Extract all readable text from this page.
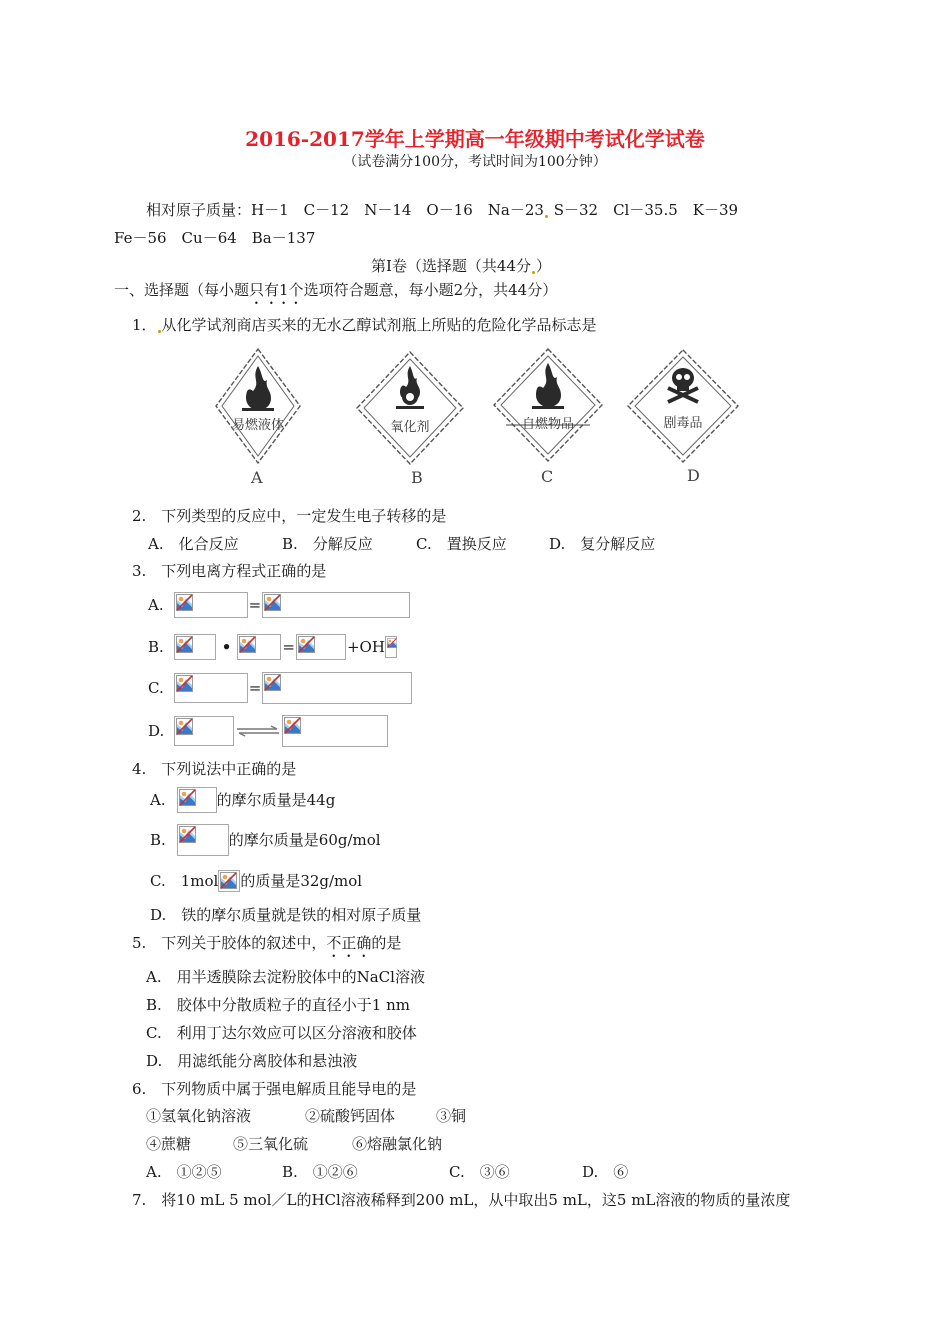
2016-2017学年上学期高一年级期中考试化学试卷
（试卷满分100分，考试时间为100分钟）
相对原子质量：H－1　C－12　N－14　O－16　Na－23 S－32　Cl－35.5　K－39
Fe－56　Cu－64　Ba－137
第Ⅰ卷（选择题（共44分 ）
一、选择题（每小题只有1个选项符合题意，每小题2分，共44分）
1． 从化学试剂商店买来的无水乙醇试剂瓶上所贴的危险化学品标志是
易燃液体
A
氧化剂
B
自燃物品
C
剧毒品
D
2.　下列类型的反应中，一定发生电子转移的是
A.　化合反应	B.　分解反应	C.　置换反应	D.　复分解反应
3.　下列电离方程式正确的是
A.	=
B.	•	=	+OH
C.	=
D.
4.　下列说法中正确的是
A.	的摩尔质量是44g
B.	的摩尔质量是60g/mol
C.　1mol 的质量是32g/mol
D.　铁的摩尔质量就是铁的相对原子质量
5.　下列关于胶体的叙述中，不正确的是
A.　用半透膜除去淀粉胶体中的NaCl溶液
B.　胶体中分散质粒子的直径小于1 nm
C.　利用丁达尔效应可以区分溶液和胶体
D.　用滤纸能分离胶体和悬浊液
6.　下列物质中属于强电解质且能导电的是
①氢氧化钠溶液	②硫酸钙固体	③铜
④蔗糖	⑤三氧化硫	⑥熔融氯化钠
A.　①②⑤	B.　①②⑥	C.　③⑥	D.　⑥
7.　将10 mL 5 mol／L的HCl溶液稀释到200 mL，从中取出5 mL，这5 mL溶液的物质的量浓度
